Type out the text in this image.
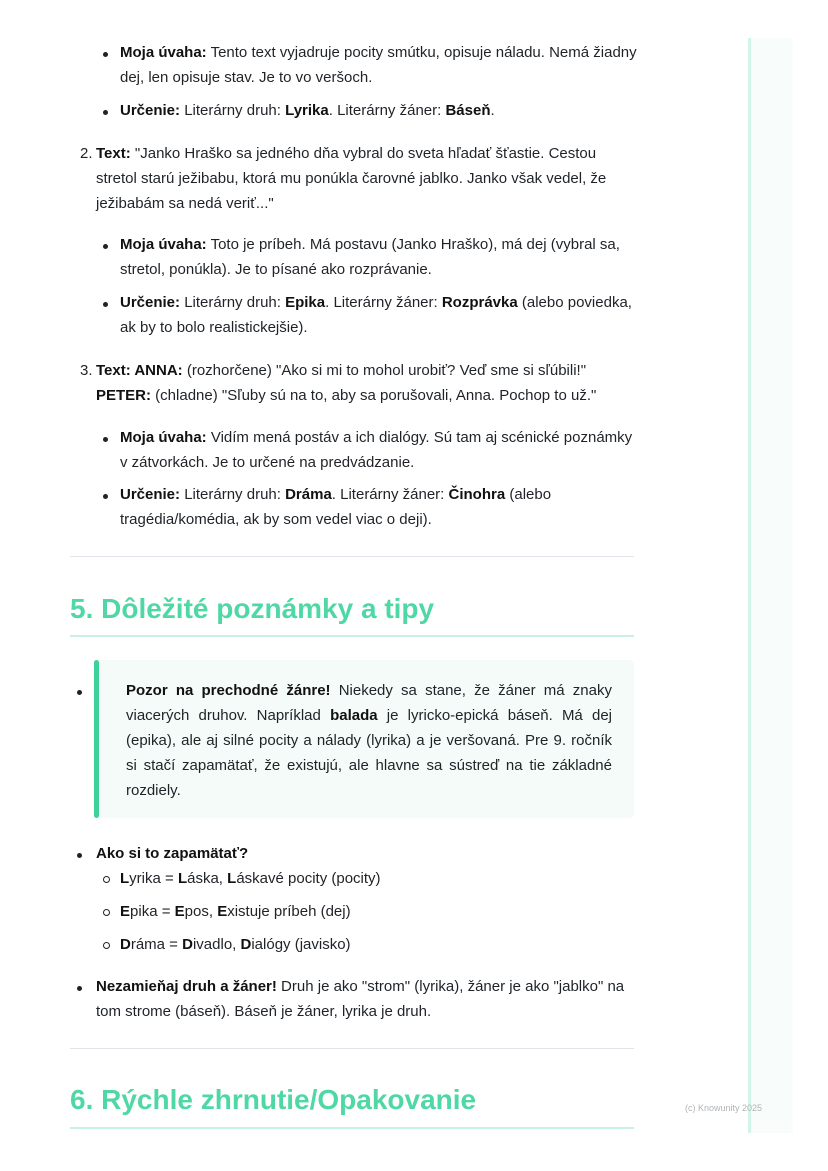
5. Dôležité poznámky a tipy
6. Rýchle zhrnutie/Opakovanie
Moja úvaha: Tento text vyjadruje pocity smútku, opisuje náladu. Nemá žiadny dej, len opisuje stav. Je to vo veršoch.
Určenie: Literárny druh: Lyrika. Literárny žáner: Báseň.
Text: "Janko Hraško sa jedného dňa vybral do sveta hľadať šťastie. Cestou stretol starú ježibabu, ktorá mu ponúkla čarovné jablko. Janko však vedel, že ježibabám sa nedá veriť..."
2.
Moja úvaha: Toto je príbeh. Má postavu (Janko Hraško), má dej (vybral sa, stretol, ponúkla). Je to písané ako rozprávanie.
Určenie: Literárny druh: Epika. Literárny žáner: Rozprávka (alebo poviedka, ak by to bolo realistickejšie).
Text: ANNA: (rozhorčene) "Ako si mi to mohol urobiť? Veď sme si sľúbili!" PETER: (chladne) "Sľuby sú na to, aby sa porušovali, Anna. Pochop to už."
3.
Moja úvaha: Vidím mená postáv a ich dialógy. Sú tam aj scénické poznámky v zátvorkách. Je to určené na predvádzanie.
Určenie: Literárny druh: Dráma. Literárny žáner: Činohra (alebo tragédia/komédia, ak by som vedel viac o deji).
Pozor na prechodné žánre! Niekedy sa stane, že žáner má znaky viacerých druhov. Napríklad balada je lyricko-epická báseň. Má dej (epika), ale aj silné pocity a nálady (lyrika) a je veršovaná. Pre 9. ročník si stačí zapamätať, že existujú, ale hlavne sa sústreď na tie základné rozdiely.
Ako si to zapamätať?
Lyrika = Láska, Láskavé pocity (pocity)
Epika = Epos, Existuje príbeh (dej)
Dráma = Divadlo, Dialógy (javisko)
Nezamieňaj druh a žáner! Druh je ako "strom" (lyrika), žáner je ako "jablko" na tom strome (báseň). Báseň je žáner, lyrika je druh.
(c) Knowunity 2025
